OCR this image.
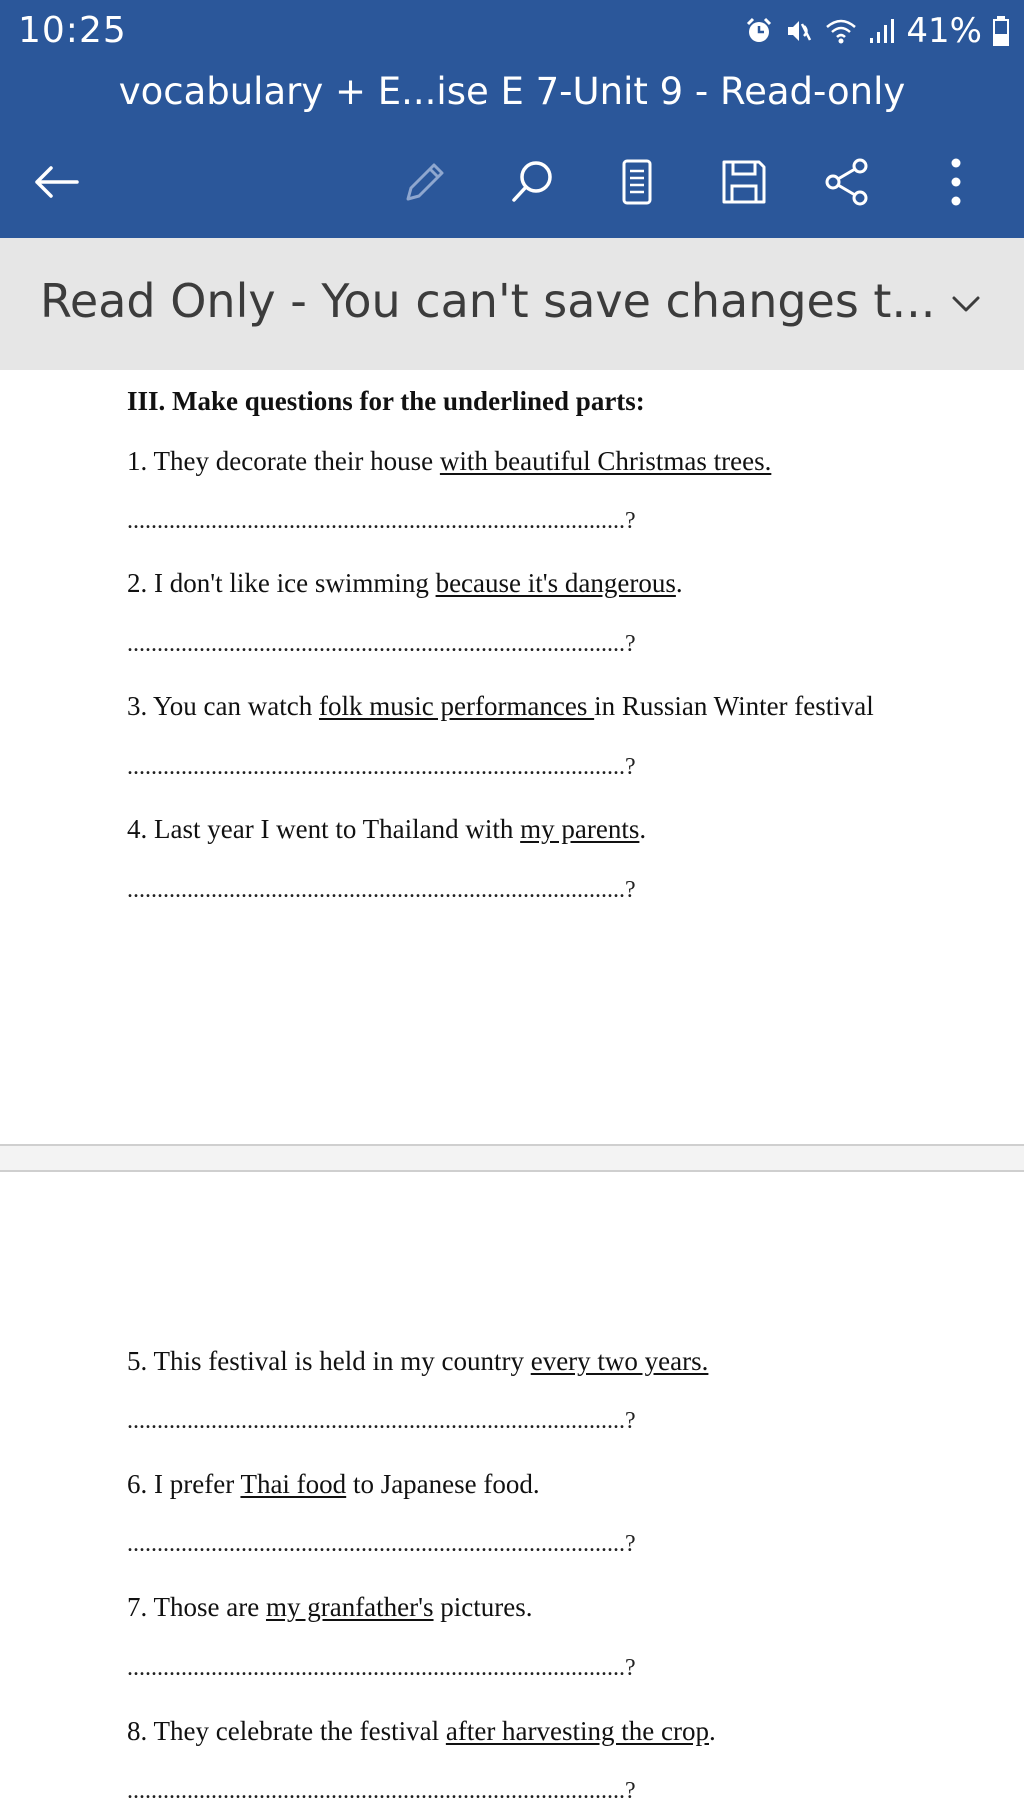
10:25	41%
vocabulary + E...ise E 7-Unit 9 - Read-only
Read Only - You can't save changes t...
III. Make questions for the underlined parts:
1. They decorate their house with beautiful Christmas trees.
...................................................................................?
2. I don't like ice swimming because it's dangerous.
...................................................................................?
3. You can watch folk music performances in Russian Winter festival
...................................................................................?
4. Last year I went to Thailand with my parents.
...................................................................................?
5. This festival is held in my country every two years.
...................................................................................?
6. I prefer Thai food to Japanese food.
...................................................................................?
7. Those are my granfather's pictures.
...................................................................................?
8. They celebrate the festival after harvesting the crop.
...................................................................................?
